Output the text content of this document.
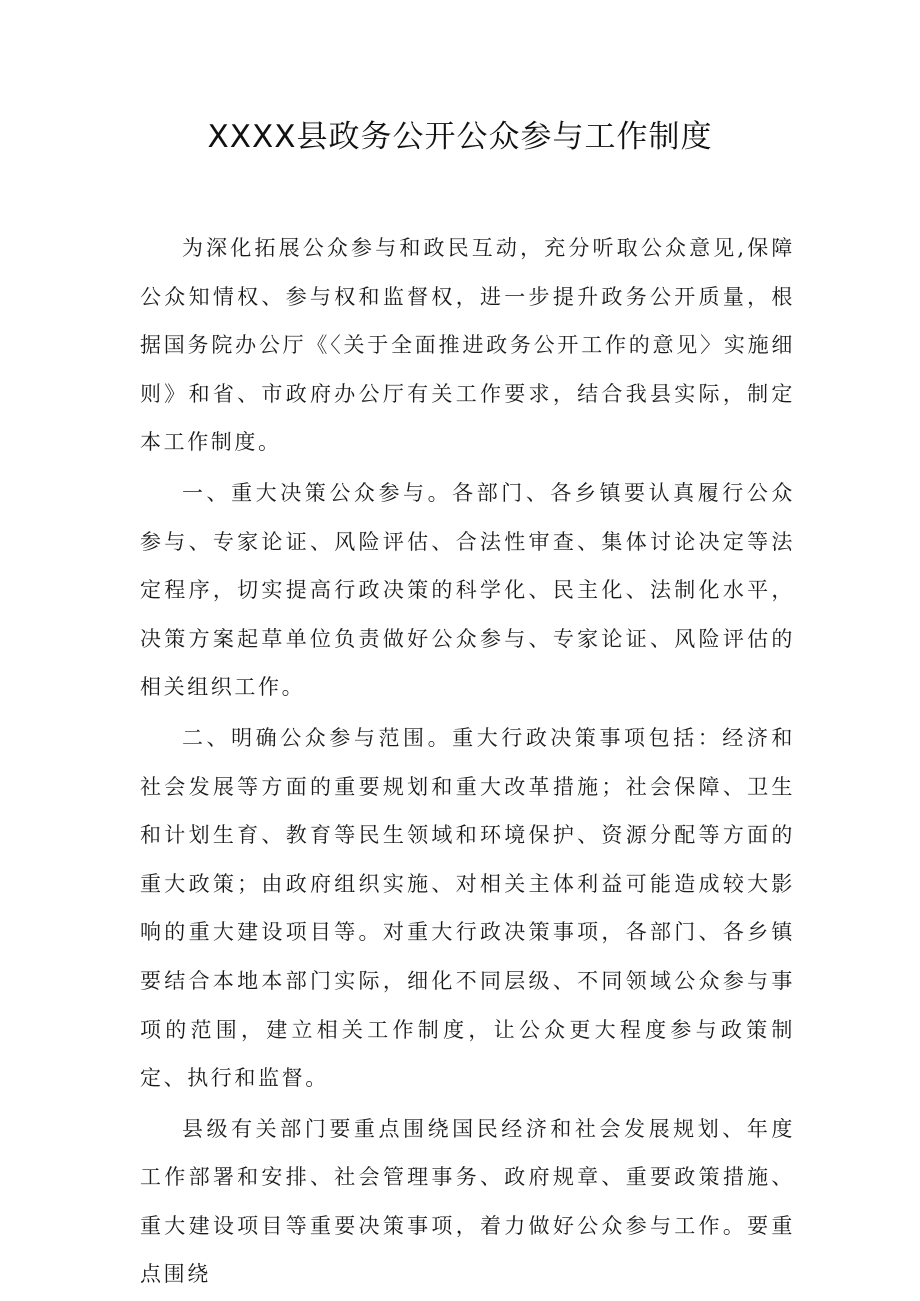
XXXX县政务公开公众参与工作制度

为深化拓展公众参与和政民互动，充分听取公众意见,保障公众知情权、参与权和监督权，进一步提升政务公开质量，根据国务院办公厅《〈关于全面推进政务公开工作的意见〉实施细则》和省、市政府办公厅有关工作要求，结合我县实际，制定本工作制度。

一、重大决策公众参与。各部门、各乡镇要认真履行公众参与、专家论证、风险评估、合法性审查、集体讨论决定等法定程序，切实提高行政决策的科学化、民主化、法制化水平，决策方案起草单位负责做好公众参与、专家论证、风险评估的相关组织工作。

二、明确公众参与范围。重大行政决策事项包括：经济和社会发展等方面的重要规划和重大改革措施；社会保障、卫生和计划生育、教育等民生领域和环境保护、资源分配等方面的重大政策；由政府组织实施、对相关主体利益可能造成较大影响的重大建设项目等。对重大行政决策事项，各部门、各乡镇要结合本地本部门实际，细化不同层级、不同领域公众参与事项的范围，建立相关工作制度，让公众更大程度参与政策制定、执行和监督。

县级有关部门要重点围绕国民经济和社会发展规划、年度工作部署和安排、社会管理事务、政府规章、重要政策措施、重大建设项目等重要决策事项，着力做好公众参与工作。要重点围绕
